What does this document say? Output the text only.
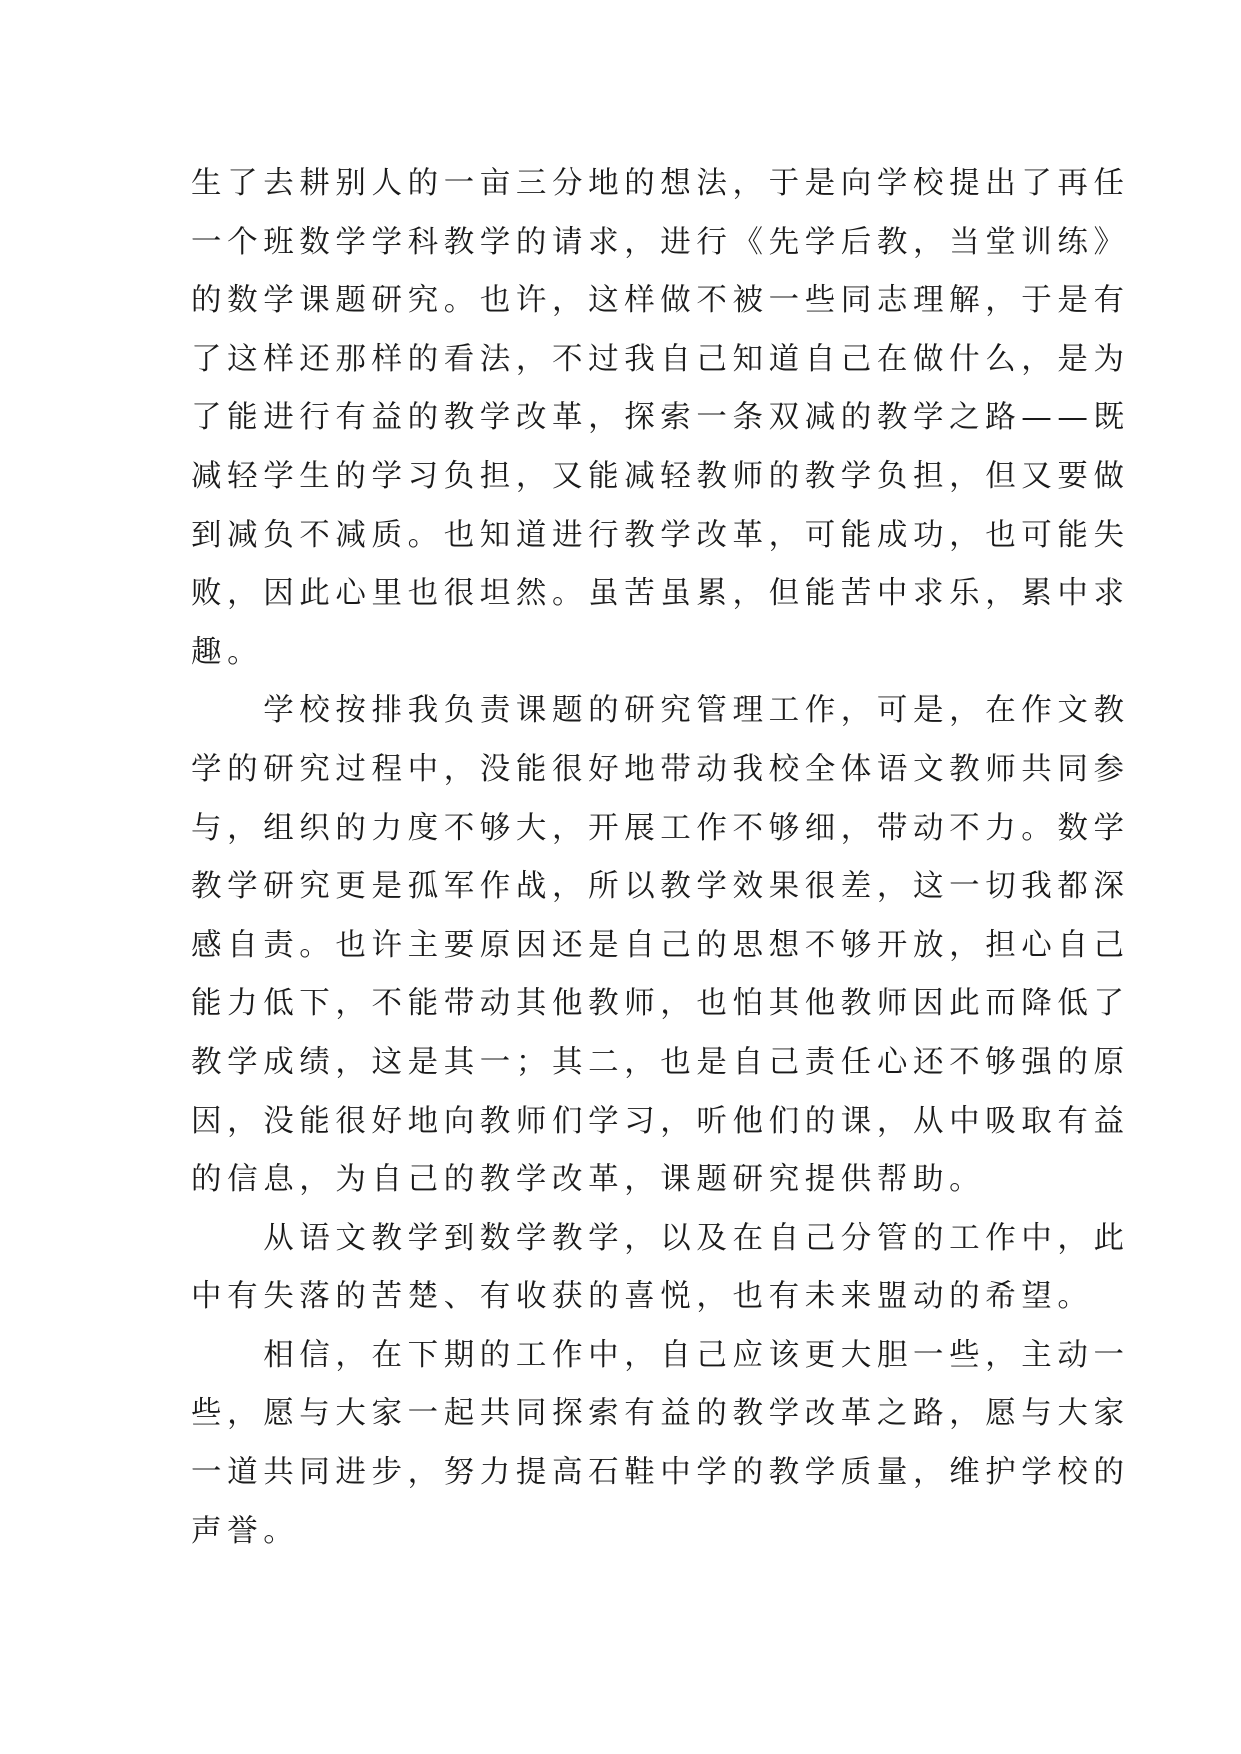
生了去耕别人的一亩三分地的想法，于是向学校提出了再任
一个班数学学科教学的请求，进行《先学后教，当堂训练》
的数学课题研究。也许，这样做不被一些同志理解，于是有
了这样还那样的看法，不过我自己知道自己在做什么，是为
了能进行有益的教学改革，探索一条双减的教学之路——既
减轻学生的学习负担，又能减轻教师的教学负担，但又要做
到减负不减质。也知道进行教学改革，可能成功，也可能失
败，因此心里也很坦然。虽苦虽累，但能苦中求乐，累中求
趣。
　　学校按排我负责课题的研究管理工作，可是，在作文教
学的研究过程中，没能很好地带动我校全体语文教师共同参
与，组织的力度不够大，开展工作不够细，带动不力。数学
教学研究更是孤军作战，所以教学效果很差，这一切我都深
感自责。也许主要原因还是自己的思想不够开放，担心自己
能力低下，不能带动其他教师，也怕其他教师因此而降低了
教学成绩，这是其一；其二，也是自己责任心还不够强的原
因，没能很好地向教师们学习，听他们的课，从中吸取有益
的信息，为自己的教学改革，课题研究提供帮助。
　　从语文教学到数学教学，以及在自己分管的工作中，此
中有失落的苦楚、有收获的喜悦，也有未来盟动的希望。
　　相信，在下期的工作中，自己应该更大胆一些，主动一
些，愿与大家一起共同探索有益的教学改革之路，愿与大家
一道共同进步，努力提高石鞋中学的教学质量，维护学校的
声誉。
